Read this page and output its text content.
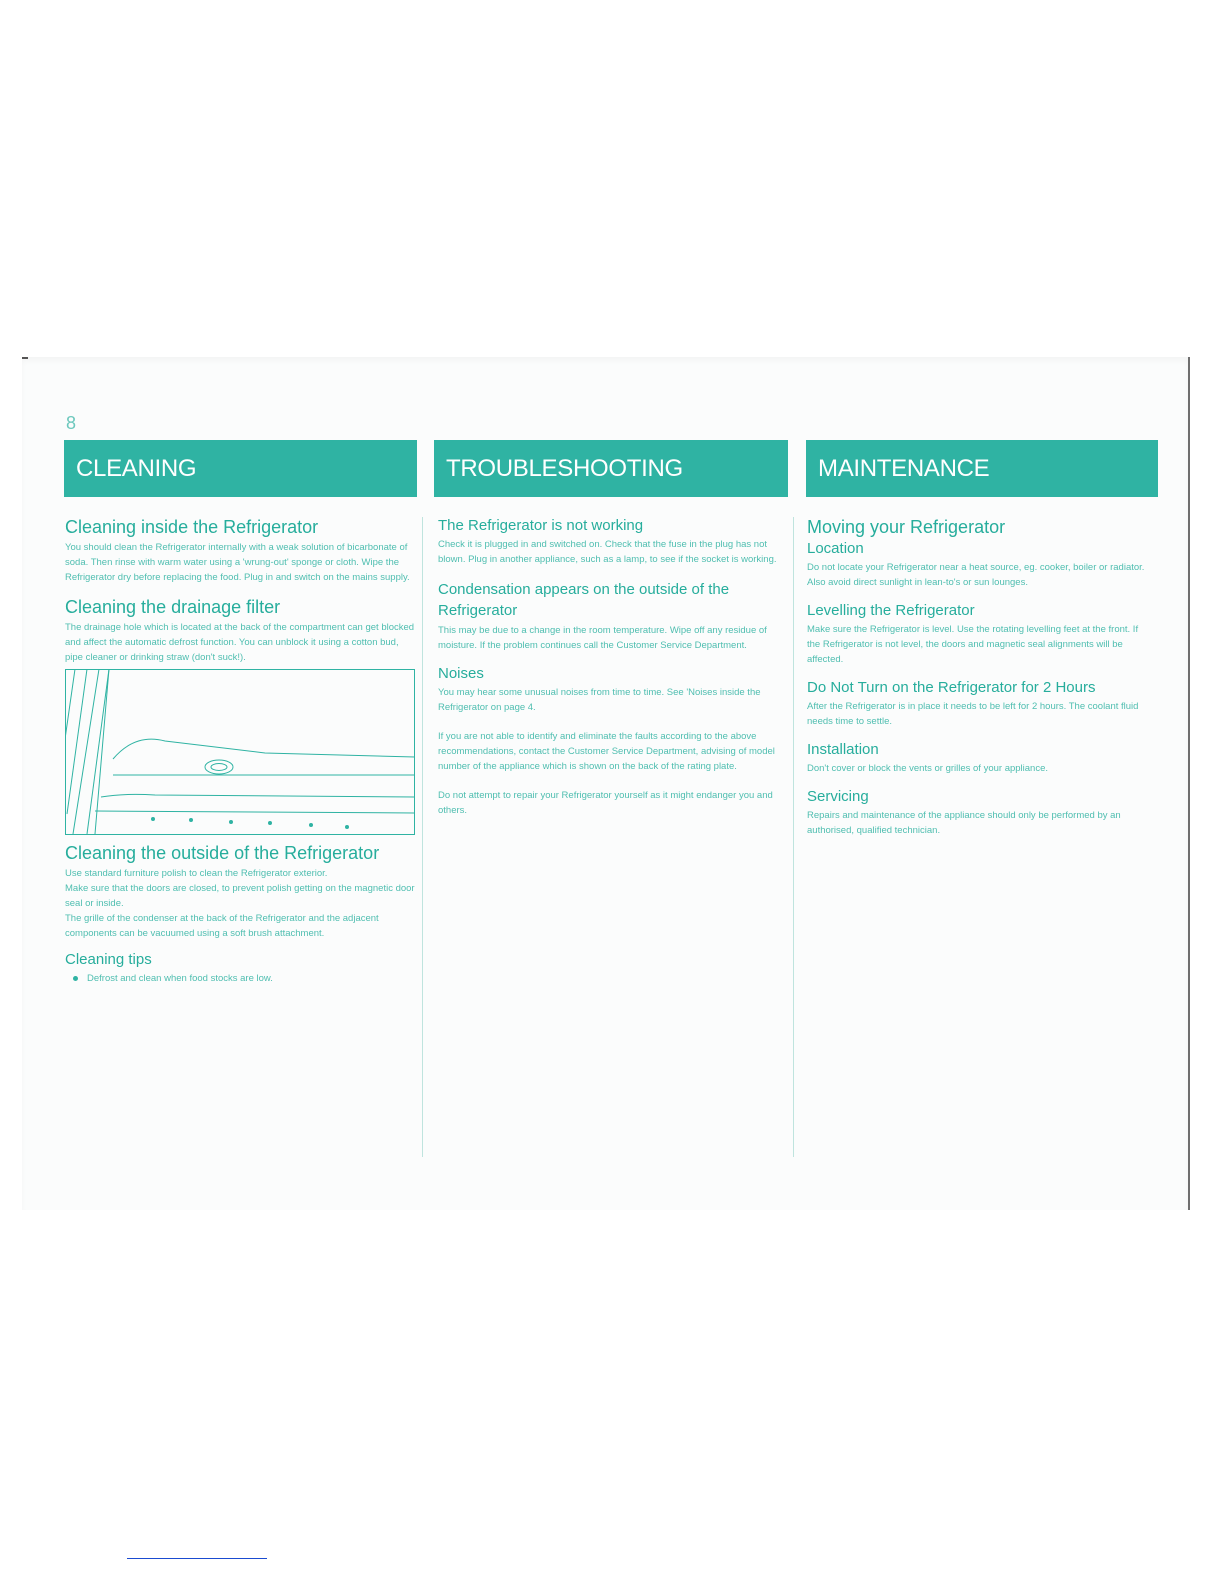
8
CLEANING	TROUBLESHOOTING	MAINTENANCE
Cleaning inside the Refrigerator

You should clean the Refrigerator internally with a weak solution of bicarbonate of soda. Then rinse with warm water using a 'wrung-out' sponge or cloth. Wipe the Refrigerator dry before replacing the food. Plug in and switch on the mains supply.

Cleaning the drainage filter

The drainage hole which is located at the back of the compartment can get blocked and affect the automatic defrost function. You can unblock it using a cotton bud, pipe cleaner or drinking straw (don't suck!).

Cleaning the outside of the Refrigerator

Use standard furniture polish to clean the Refrigerator exterior.
Make sure that the doors are closed, to prevent polish getting on the magnetic door seal or inside.
The grille of the condenser at the back of the Refrigerator and the adjacent components can be vacuumed using a soft brush attachment.

Cleaning tips
Defrost and clean when food stocks are low.
The Refrigerator is not working

Check it is plugged in and switched on. Check that the fuse in the plug has not blown. Plug in another appliance, such as a lamp, to see if the socket is working.

Condensation appears on the outside of the Refrigerator

This may be due to a change in the room temperature. Wipe off any residue of moisture. If the problem continues call the Customer Service Department.

Noises

You may hear some unusual noises from time to time. See 'Noises inside the Refrigerator on page 4.

If you are not able to identify and eliminate the faults according to the above recommendations, contact the Customer Service Department, advising of model number of the appliance which is shown on the back of the rating plate.

Do not attempt to repair your Refrigerator yourself as it might endanger you and others.

Moving your Refrigerator
Location

Do not locate your Refrigerator near a heat source, eg. cooker, boiler or radiator. Also avoid direct sunlight in lean-to's or sun lounges.

Levelling the Refrigerator

Make sure the Refrigerator is level. Use the rotating levelling feet at the front. If the Refrigerator is not level, the doors and magnetic seal alignments will be affected.

Do Not Turn on the Refrigerator for 2 Hours

After the Refrigerator is in place it needs to be left for 2 hours. The coolant fluid needs time to settle.

Installation

Don't cover or block the vents or grilles of your appliance.

Servicing

Repairs and maintenance of the appliance should only be performed by an authorised, qualified technician.
